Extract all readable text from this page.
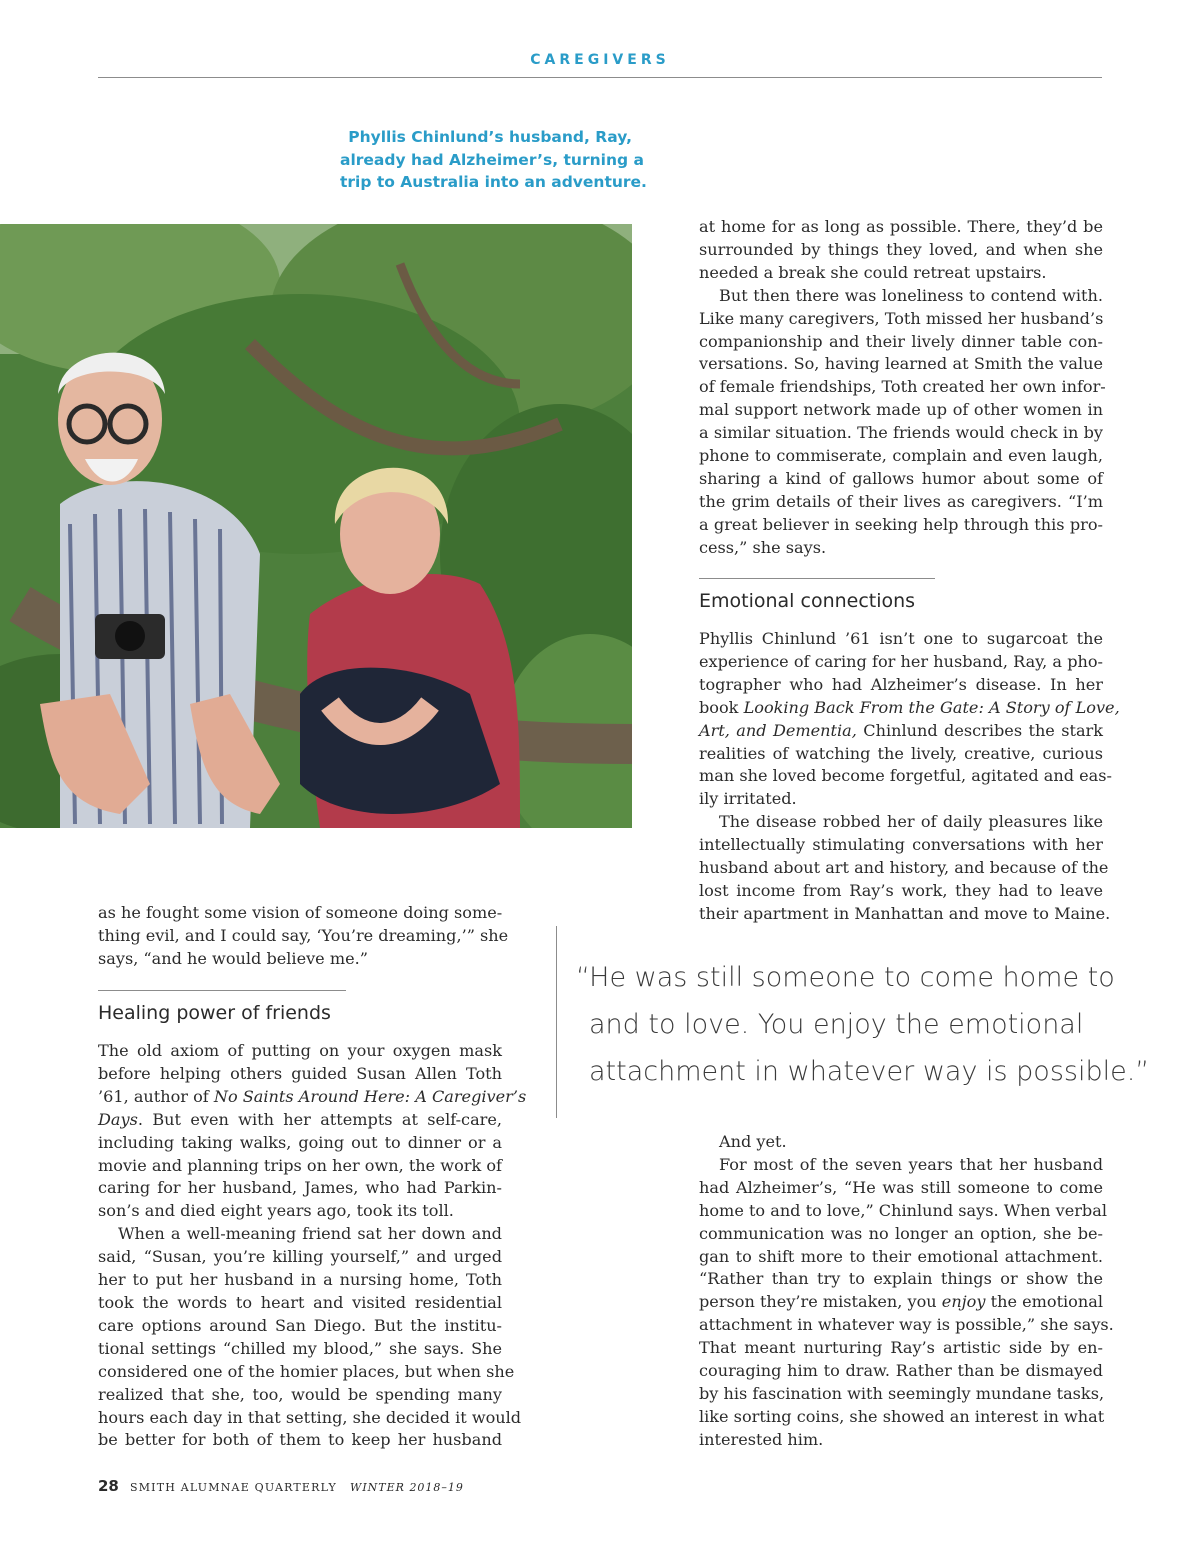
CAREGIVERS
Phyllis Chinlund’s husband, Ray,
already had Alzheimer’s, turning a
trip to Australia into an adventure.

as he fought some vision of someone doing some-
thing evil, and I could say, ‘You’re dreaming,’” she
says, “and he would believe me.”

Healing power of friends

The old axiom of putting on your oxygen mask
before helping others guided Susan Allen Toth
’61, author of No Saints Around Here: A Caregiver’s
Days. But even with her attempts at self-care,
including taking walks, going out to dinner or a
movie and planning trips on her own, the work of
caring for her husband, James, who had Parkin-
son’s and died eight years ago, took its toll.

When a well-meaning friend sat her down and
said, “Susan, you’re killing yourself,” and urged
her to put her husband in a nursing home, Toth
took the words to heart and visited residential
care options around San Diego. But the institu-
tional settings “chilled my blood,” she says. She
considered one of the homier places, but when she
realized that she, too, would be spending many
hours each day in that setting, she decided it would
be better for both of them to keep her husband

at home for as long as possible. There, they’d be
surrounded by things they loved, and when she
needed a break she could retreat upstairs.

But then there was loneliness to contend with.
Like many caregivers, Toth missed her husband’s
companionship and their lively dinner table con-
versations. So, having learned at Smith the value
of female friendships, Toth created her own infor-
mal support network made up of other women in
a similar situation. The friends would check in by
phone to commiserate, complain and even laugh,
sharing a kind of gallows humor about some of
the grim details of their lives as caregivers. “I’m
a great believer in seeking help through this pro-
cess,” she says.

Emotional connections

Phyllis Chinlund ’61 isn’t one to sugarcoat the
experience of caring for her husband, Ray, a pho-
tographer who had Alzheimer’s disease. In her
book Looking Back From the Gate: A Story of Love,
Art, and Dementia, Chinlund describes the stark
realities of watching the lively, creative, curious
man she loved become forgetful, agitated and eas-
ily irritated.

The disease robbed her of daily pleasures like
intellectually stimulating conversations with her
husband about art and history, and because of the
lost income from Ray’s work, they had to leave
their apartment in Manhattan and move to Maine.

“He was still someone to come home to
and to love. You enjoy the emotional
attachment in whatever way is possible.”

And yet.

For most of the seven years that her husband
had Alzheimer’s, “He was still someone to come
home to and to love,” Chinlund says. When verbal
communication was no longer an option, she be-
gan to shift more to their emotional attachment.
“Rather than try to explain things or show the
person they’re mistaken, you enjoy the emotional
attachment in whatever way is possible,” she says.
That meant nurturing Ray’s artistic side by en-
couraging him to draw. Rather than be dismayed
by his fascination with seemingly mundane tasks,
like sorting coins, she showed an interest in what
interested him.

28 SMITH ALUMNAE QUARTERLY WINTER 2018–19
